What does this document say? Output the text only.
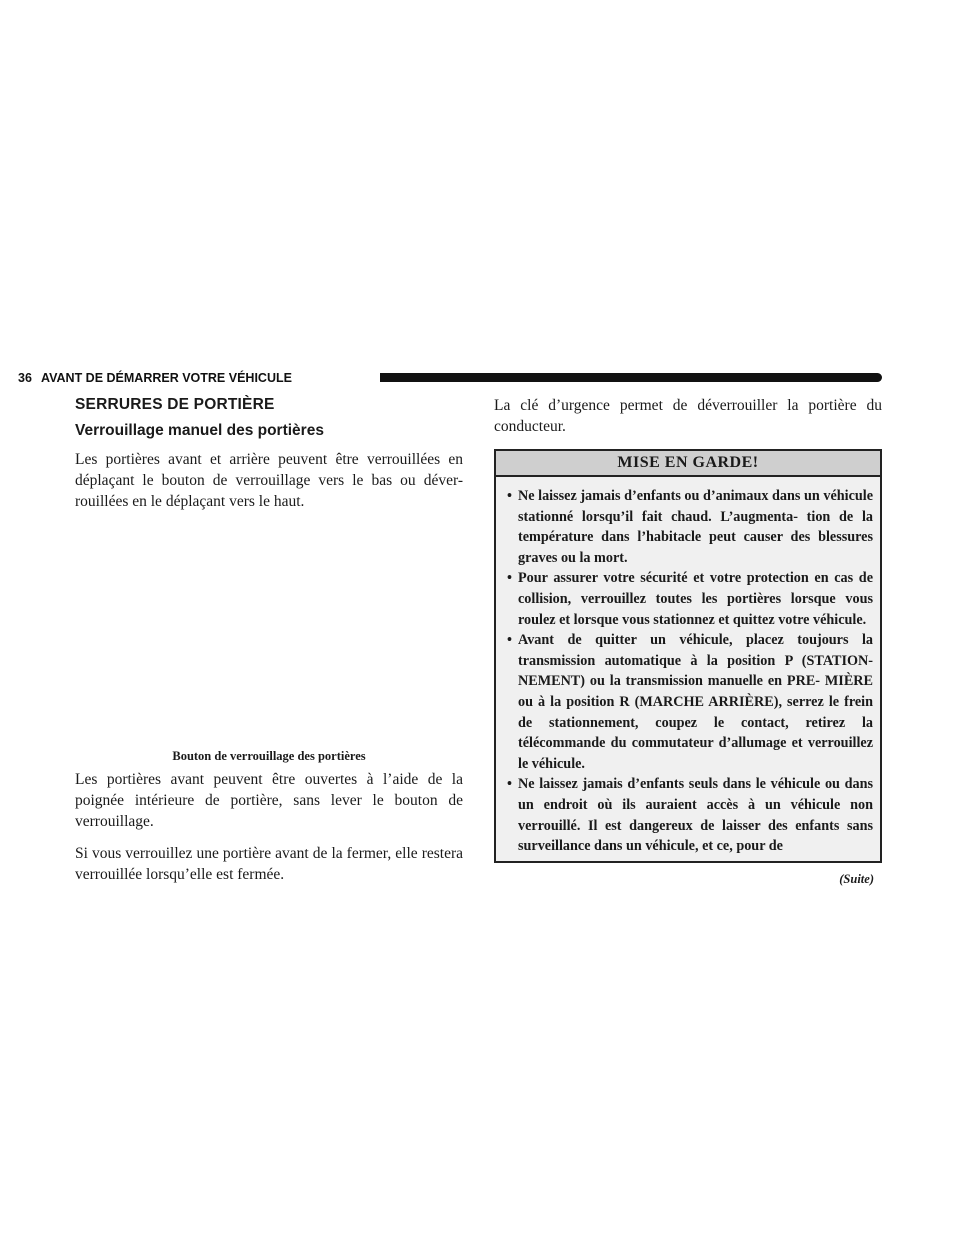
36 AVANT DE DÉMARRER VOTRE VÉHICULE
SERRURES DE PORTIÈRE
Verrouillage manuel des portières

Les portières avant et arrière peuvent être verrouillées en déplaçant le bouton de verrouillage vers le bas ou déver- rouillées en le déplaçant vers le haut.

Bouton de verrouillage des portières

Les portières avant peuvent être ouvertes à l’aide de la poignée intérieure de portière, sans lever le bouton de verrouillage.

Si vous verrouillez une portière avant de la fermer, elle restera verrouillée lorsqu’elle est fermée.

La clé d’urgence permet de déverrouiller la portière du conducteur.

MISE EN GARDE!
• Ne laissez jamais d’enfants ou d’animaux dans un véhicule stationné lorsqu’il fait chaud. L’augmenta- tion de la température dans l’habitacle peut causer des blessures graves ou la mort.
• Pour assurer votre sécurité et votre protection en cas de collision, verrouillez toutes les portières lorsque vous roulez et lorsque vous stationnez et quittez votre véhicule.
• Avant de quitter un véhicule, placez toujours la transmission automatique à la position P (STATION- NEMENT) ou la transmission manuelle en PRE- MIÈRE ou à la position R (MARCHE ARRIÈRE), serrez le frein de stationnement, coupez le contact, retirez la télécommande du commutateur d’allumage et verrouillez le véhicule.
• Ne laissez jamais d’enfants seuls dans le véhicule ou dans un endroit où ils auraient accès à un véhicule non verrouillé. Il est dangereux de laisser des enfants sans surveillance dans un véhicule, et ce, pour de
(Suite)
